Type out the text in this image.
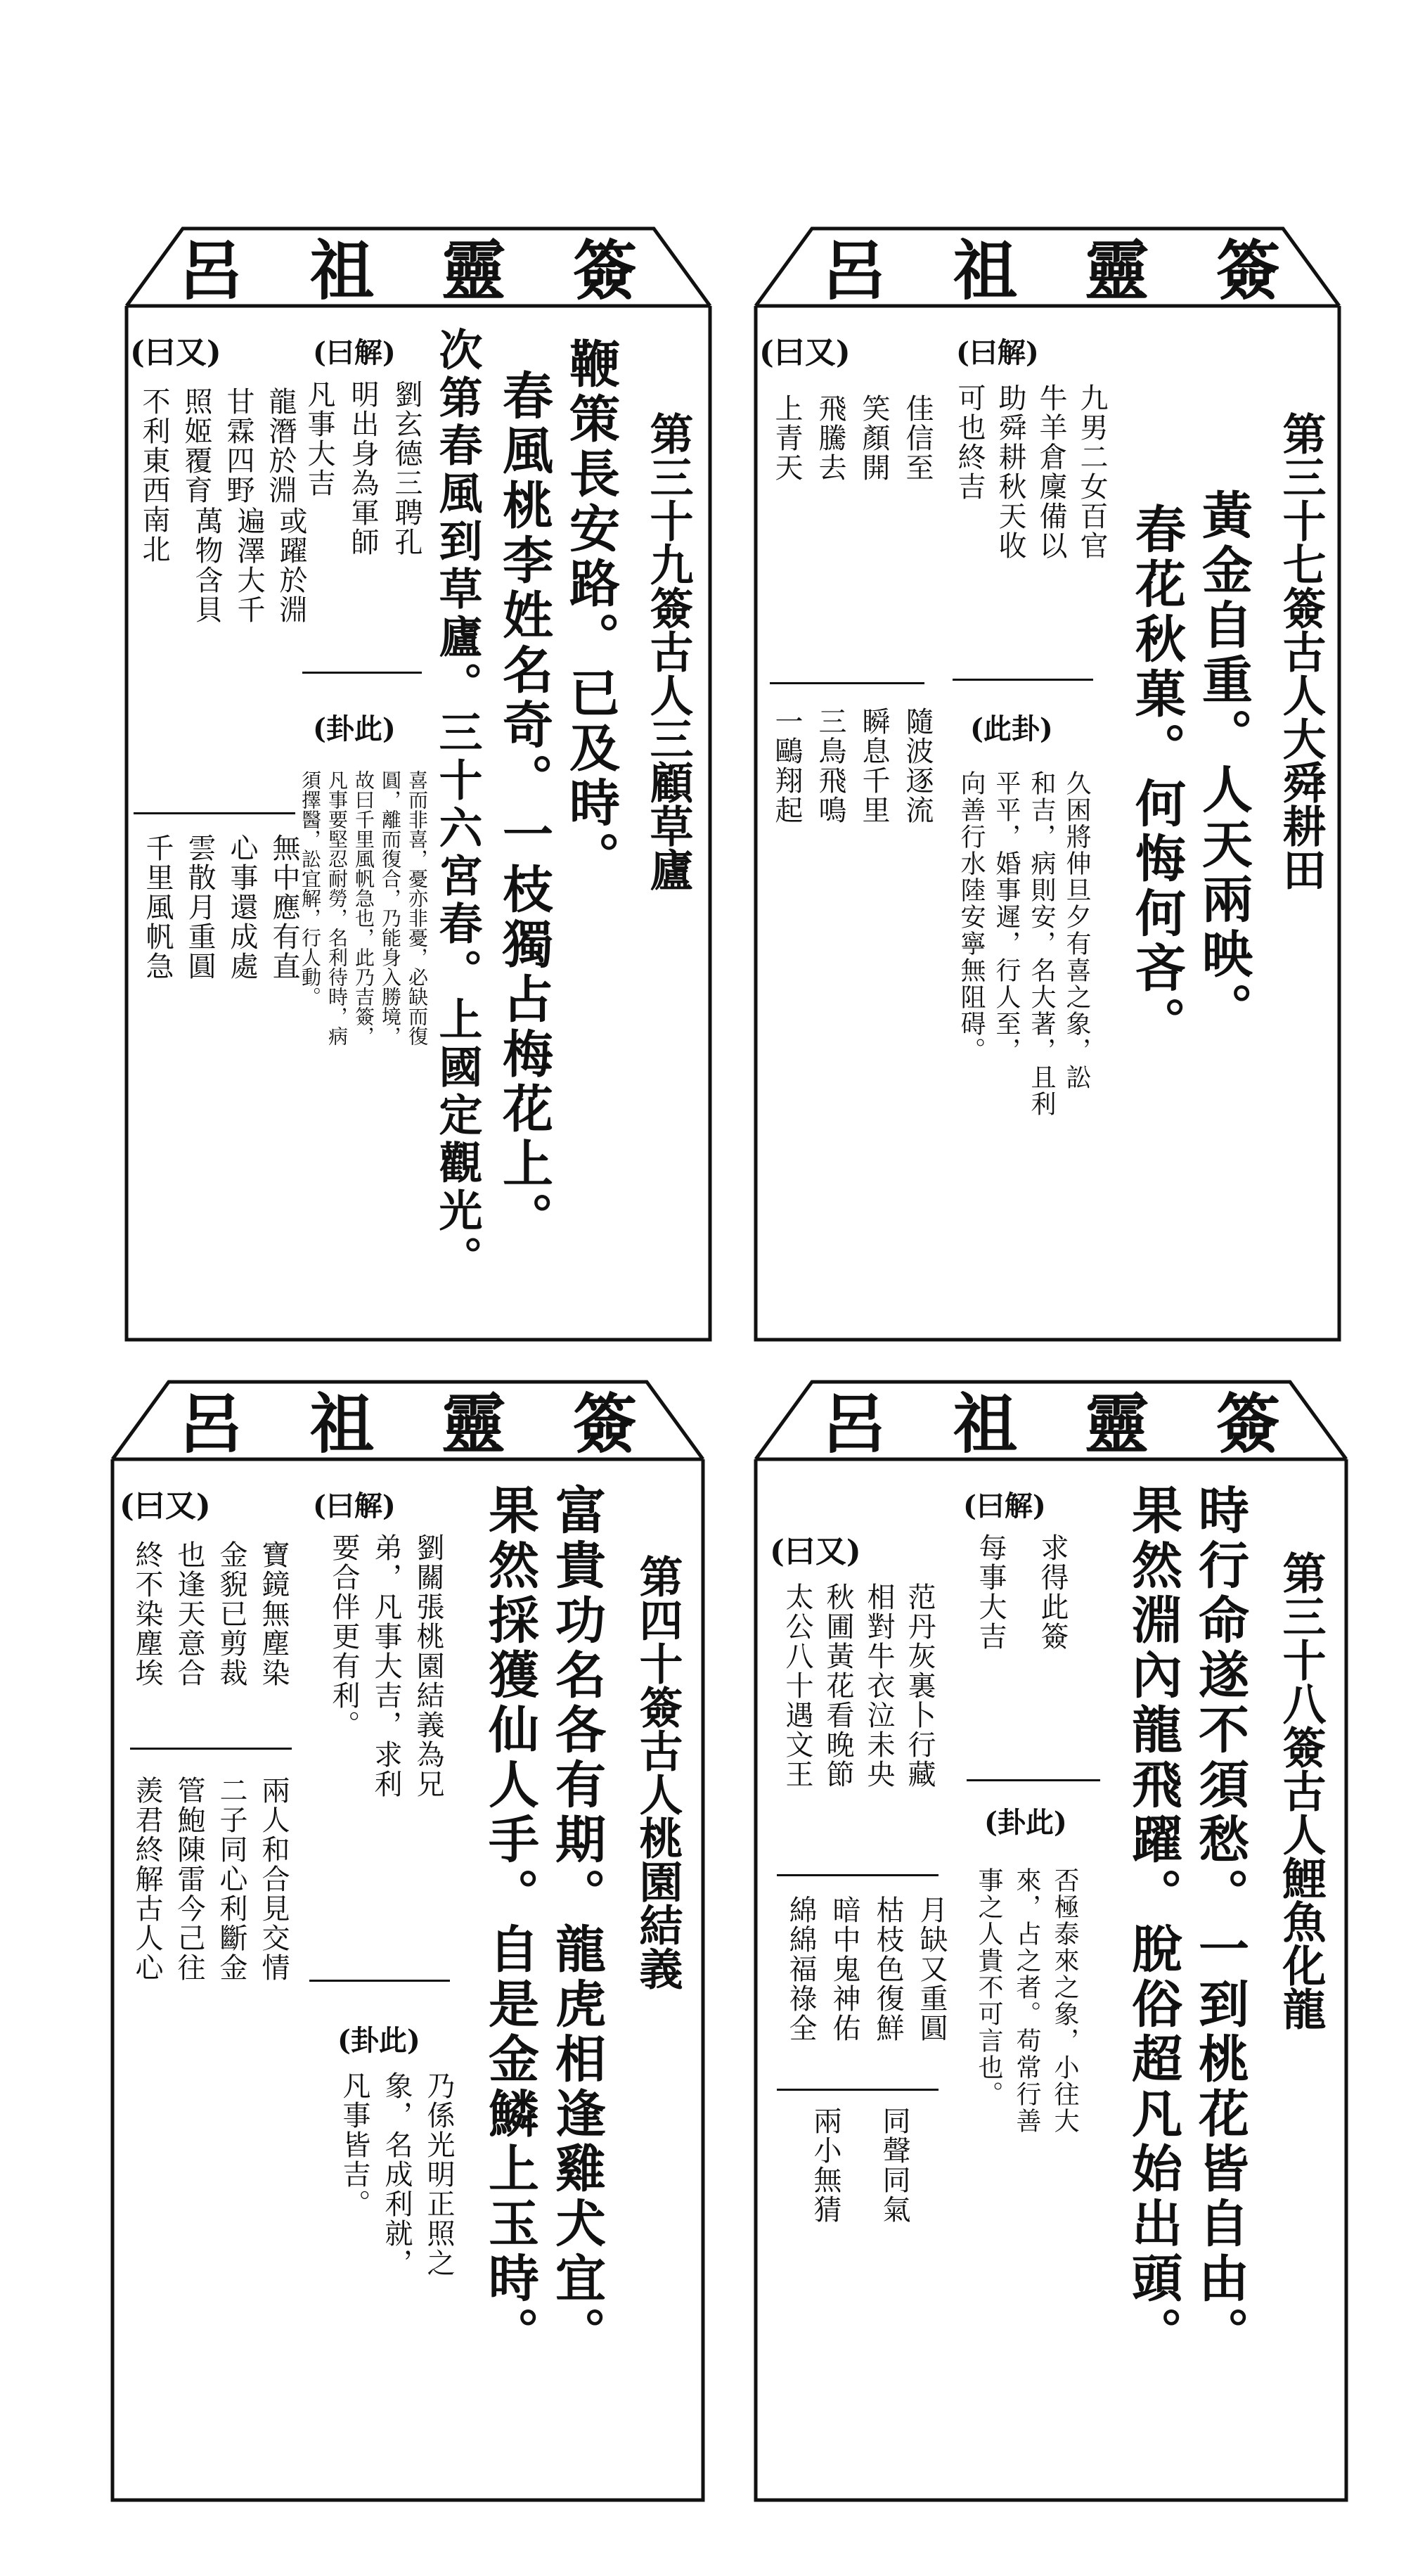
呂祖靈簽
第三十九簽古人三顧草廬
鞭策長安路。已及時。
春風桃李姓名奇。一枝獨占梅花上。
次第春風到草廬。三十六宮春。上國定觀光。
(曰解)
劉玄德三聘孔
明出身為軍師
凡事大吉
(卦此)
喜而非喜，憂亦非憂，必缺而復
圓，離而復合，乃能身入勝境，
故曰千里風帆急也，此乃吉簽，
凡事要堅忍耐勞，名利待時，病
須擇醫，訟宜解，行人動。
(曰又)
龍潛於淵
甘霖四野
照姬覆育
不利東西南北
或躍於淵
遍澤大千
萬物含貝
無中應有直
心事還成處
雲散月重圓
千里風帆急
呂祖靈簽
第三十七簽古人大舜耕田
黃金自重。人天兩映。
春花秋菓。何悔何吝。
(曰解)
九男二女百官
牛羊倉廩備以
助舜耕秋天收
可也終吉
(此卦)
久困將伸旦夕有喜之象，訟
和吉，病則安，名大著，且利
平平，婚事遲，行人至，
向善行水陸安寧無阻碍。
(曰又)
佳信至
笑顏開
飛騰去
上青天
隨波逐流
瞬息千里
三鳥飛鳴
一鷗翔起
呂祖靈簽
第四十簽古人桃園結義
富貴功名各有期。龍虎相逢雞犬宜。
果然採獲仙人手。自是金鱗上玉時。
(曰解)
劉關張桃園結義為兄
弟，凡事大吉，求利
要合伴更有利。
(卦此)
乃係光明正照之
象，名成利就，
凡事皆吉。
(曰又)
寶鏡無塵染
金貎已剪裁
也逢天意合
終不染塵埃
兩人和合見交情
二子同心利斷金
管鮑陳雷今己往
羨君終解古人心
呂祖靈簽
第三十八簽古人鯉魚化龍
時行命遂不須愁。一到桃花皆自由。
果然淵內龍飛躍。脫俗超凡始出頭。
(曰解)
求得此簽
每事大吉
(卦此)
否極泰來之象，小往大
來，占之者。苟常行善
事之人貴不可言也。
(曰又)
范丹灰裏卜行藏
相對牛衣泣未央
秋圃黃花看晚節
太公八十遇文王
月缺又重圓
枯枝色復鮮
暗中鬼神佑
綿綿福祿全
同聲同氣
兩小無猜
